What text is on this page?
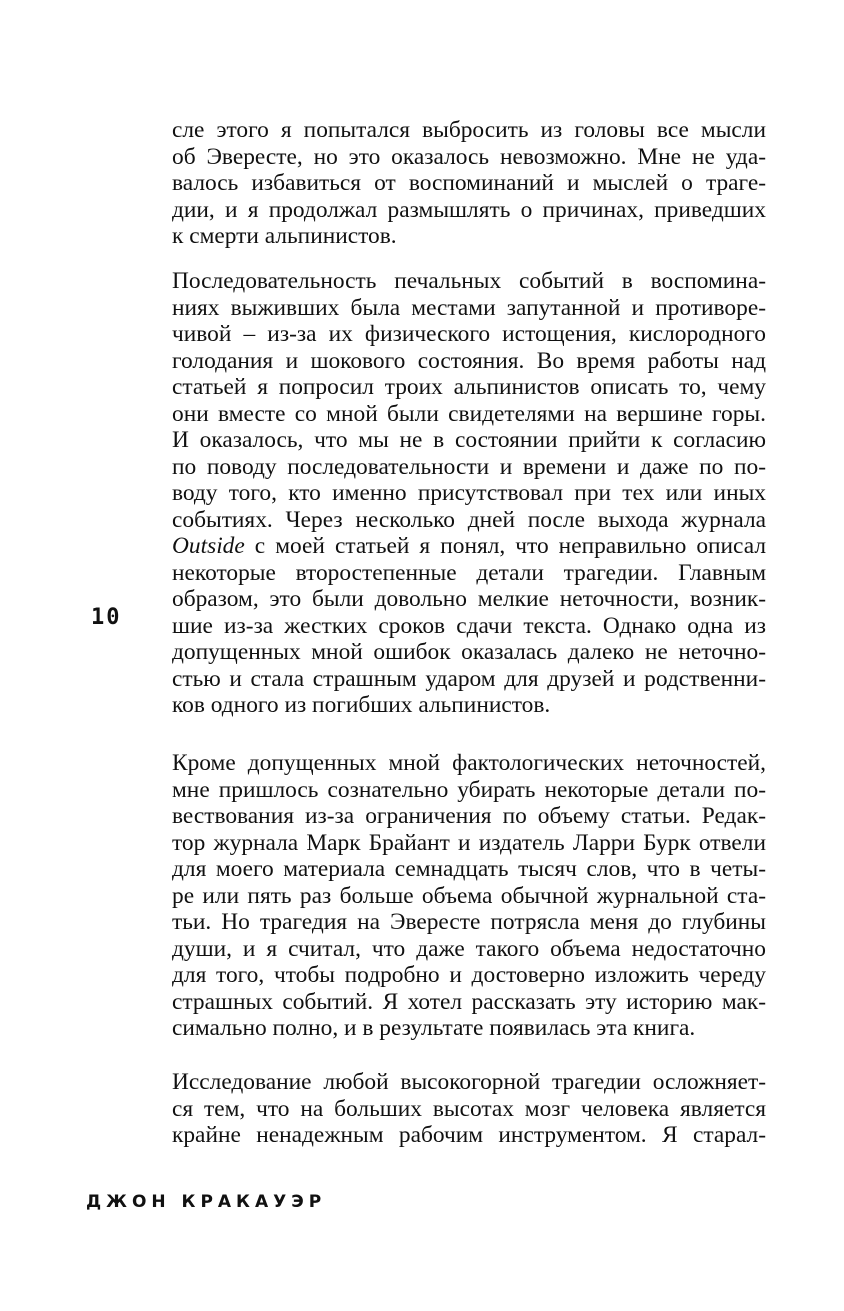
сле этого я попытался выбросить из головы все мысли
об Эвересте, но это оказалось невозможно. Мне не уда-
валось избавиться от воспоминаний и мыслей о траге-
дии, и я продолжал размышлять о причинах, приведших
к смерти альпинистов.
Последовательность печальных событий в воспомина-
ниях выживших была местами запутанной и противоре-
чивой – из-за их физического истощения, кислородного
голодания и шокового состояния. Во время работы над
статьей я попросил троих альпинистов описать то, чему
они вместе со мной были свидетелями на вершине горы.
И оказалось, что мы не в состоянии прийти к согласию
по поводу последовательности и времени и даже по по-
воду того, кто именно присутствовал при тех или иных
событиях. Через несколько дней после выхода журнала
Outside с моей статьей я понял, что неправильно описал
некоторые второстепенные детали трагедии. Главным
образом, это были довольно мелкие неточности, возник-
шие из-за жестких сроков сдачи текста. Однако одна из
допущенных мной ошибок оказалась далеко не неточно-
стью и стала страшным ударом для друзей и родственни-
ков одного из погибших альпинистов.
Кроме допущенных мной фактологических неточностей,
мне пришлось сознательно убирать некоторые детали по-
вествования из-за ограничения по объему статьи. Редак-
тор журнала Марк Брайант и издатель Ларри Бурк отвели
для моего материала семнадцать тысяч слов, что в четы-
ре или пять раз больше объема обычной журнальной ста-
тьи. Но трагедия на Эвересте потрясла меня до глубины
души, и я считал, что даже такого объема недостаточно
для того, чтобы подробно и достоверно изложить череду
страшных событий. Я хотел рассказать эту историю мак-
симально полно, и в результате появилась эта книга.
Исследование любой высокогорной трагедии осложняет-
ся тем, что на больших высотах мозг человека является
крайне ненадежным рабочим инструментом. Я старал-
10
ДЖОН КРАКАУЭР
